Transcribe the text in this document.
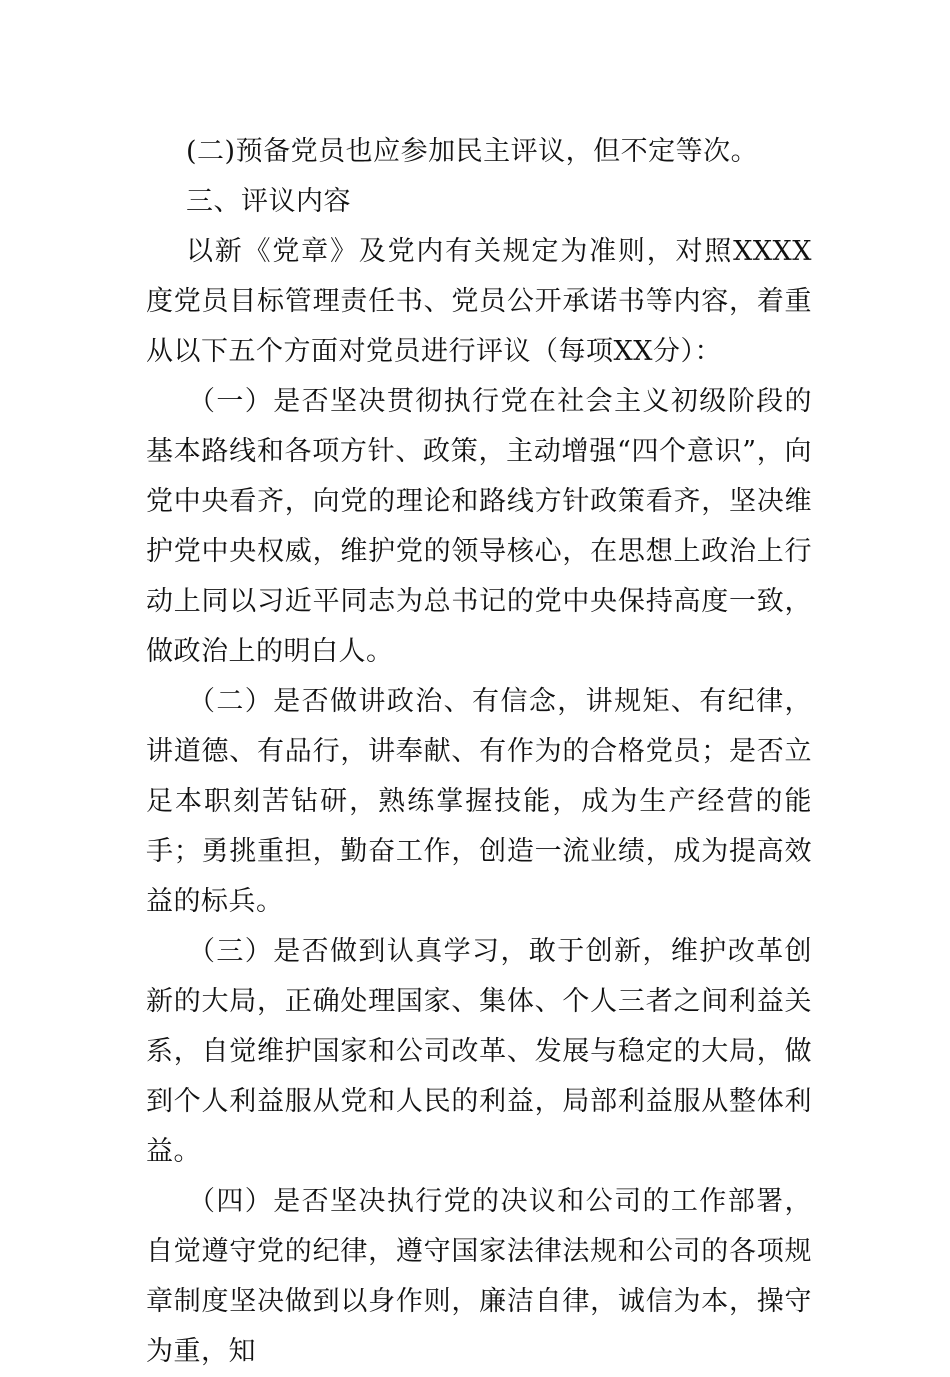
(二)预备党员也应参加民主评议，但不定等次。

三、评议内容

以新《党章》及党内有关规定为准则，对照XXXX度党员目标管理责任书、党员公开承诺书等内容，着重从以下五个方面对党员进行评议（每项XX分）：

（一）是否坚决贯彻执行党在社会主义初级阶段的基本路线和各项方针、政策，主动增强“四个意识”，向党中央看齐，向党的理论和路线方针政策看齐，坚决维护党中央权威，维护党的领导核心，在思想上政治上行动上同以习近平同志为总书记的党中央保持高度一致，做政治上的明白人。

（二）是否做讲政治、有信念，讲规矩、有纪律，讲道德、有品行，讲奉献、有作为的合格党员；是否立足本职刻苦钻研，熟练掌握技能，成为生产经营的能手；勇挑重担，勤奋工作，创造一流业绩，成为提高效益的标兵。

（三）是否做到认真学习，敢于创新，维护改革创新的大局，正确处理国家、集体、个人三者之间利益关系，自觉维护国家和公司改革、发展与稳定的大局，做到个人利益服从党和人民的利益，局部利益服从整体利益。

（四）是否坚决执行党的决议和公司的工作部署，自觉遵守党的纪律，遵守国家法律法规和公司的各项规章制度坚决做到以身作则，廉洁自律，诚信为本，操守为重，知
